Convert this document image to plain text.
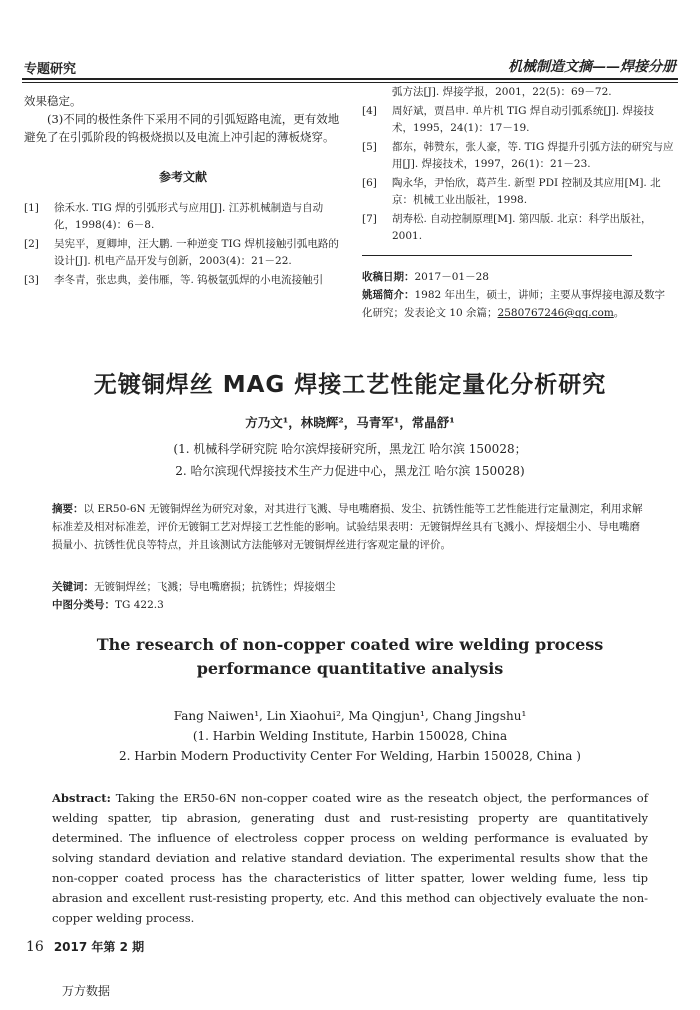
专题研究	机械制造文摘——焊接分册

效果稳定。

(3)不同的极性条件下采用不同的引弧短路电流，更有效地避免了在引弧阶段的钨极烧损以及电流上冲引起的薄板烧穿。

参考文献
[1]	徐禾水. TIG 焊的引弧形式与应用[J]. 江苏机械制造与自动化，1998(4)：6－8.
[2]	吴宪平，夏卿坤，汪大鹏. 一种逆变 TIG 焊机接触引弧电路的设计[J]. 机电产品开发与创新，2003(4)：21－22.
[3]	李冬青，张忠典，姜伟雁，等. 钨极氩弧焊的小电流接触引
弧方法[J]. 焊接学报，2001，22(5)：69－72.
[4]	周好斌，贾昌申. 单片机 TIG 焊自动引弧系统[J]. 焊接技术，1995，24(1)：17－19.
[5]	都东，韩赞东，张人豪，等. TIG 焊提升引弧方法的研究与应用[J]. 焊接技术，1997，26(1)：21－23.
[6]	陶永华，尹怡欣，葛芦生. 新型 PDI 控制及其应用[M]. 北京：机械工业出版社，1998.
[7]	胡寿松. 自动控制原理[M]. 第四版. 北京：科学出版社，2001.
收稿日期：2017－01－28
姚瑶简介：1982 年出生，硕士，讲师；主要从事焊接电源及数字化研究；发表论文 10 余篇；2580767246@qq.com。
无镀铜焊丝 MAG 焊接工艺性能定量化分析研究
方乃文¹，林晓辉²，马青军¹，常晶舒¹
(1. 机械科学研究院 哈尔滨焊接研究所，黑龙江 哈尔滨 150028；
2. 哈尔滨现代焊接技术生产力促进中心，黑龙江 哈尔滨 150028)
摘要：以 ER50-6N 无镀铜焊丝为研究对象，对其进行飞溅、导电嘴磨损、发尘、抗锈性能等工艺性能进行定量测定，利用求解标准差及相对标准差，评价无镀铜工艺对焊接工艺性能的影响。试验结果表明：无镀铜焊丝具有飞溅小、焊接烟尘小、导电嘴磨损量小、抗锈性优良等特点，并且该测试方法能够对无镀铜焊丝进行客观定量的评价。
关键词：无镀铜焊丝；飞溅；导电嘴磨损；抗锈性；焊接烟尘
中图分类号：TG 422.3
The research of non-copper coated wire welding process
performance quantitative analysis
Fang Naiwen¹, Lin Xiaohui², Ma Qingjun¹, Chang Jingshu¹
(1. Harbin Welding Institute, Harbin 150028, China
2. Harbin Modern Productivity Center For Welding, Harbin 150028, China )
Abstract: Taking the ER50-6N non-copper coated wire as the reseatch object, the performances of welding spatter, tip abrasion, generating dust and rust-resisting property are quantitatively determined. The influence of electroless copper process on welding performance is evaluated by solving standard deviation and relative standard deviation. The experimental results show that the non-copper coated process has the characteristics of litter spatter, lower welding fume, less tip abrasion and excellent rust-resisting property, etc. And this method can objectively evaluate the non-copper welding process.
16 2017 年第 2 期
万方数据
